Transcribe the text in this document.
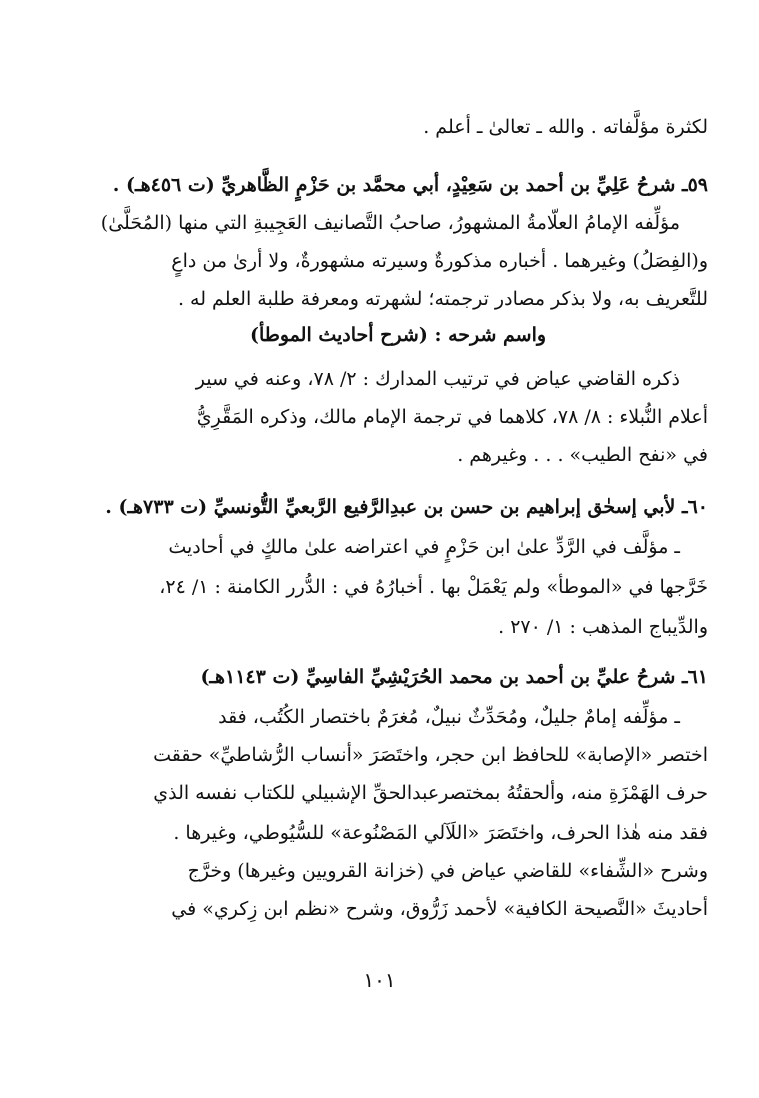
لكثرة مؤلَّفاته . والله ـ تعالىٰ ـ أعلم .
٥٩ـ شرحُ عَلِيِّ بن أحمد بن سَعِيْدٍ، أبي محمَّد بن حَزْمٍ الظَّاهريِّ (ت ٤٥٦هـ) .
مؤلِّفه الإمامُ العلّامةُ المشهورُ، صاحبُ التَّصانيف العَجِيبةِ التي منها (المُحَلَّىٰ)
و(الفِصَلُ) وغيرهما . أخباره مذكورةٌ وسيرته مشهورةٌ، ولا أرىٰ من داعٍ
للتَّعريف به، ولا بذكر مصادر ترجمته؛ لشهرته ومعرفة طلبة العلم له .
واسم شرحه : (شرح أحاديث الموطأ)
ذكره القاضي عياض في ترتيب المدارك : ٢/ ٧٨، وعنه في سير
أعلام النُّبلاء : ٨/ ٧٨، كلاهما في ترجمة الإمام مالك، وذكره المَقَّرِيُّ
في «نفح الطيب» . . . وغيرهم .
٦٠ـ لأبي إسحٰق إبراهيم بن حسن بن عبدِالرَّفيع الرَّبعيِّ التُّونسيِّ (ت ٧٣٣هـ) .
ـ مؤلَّف في الرَّدِّ علىٰ ابن حَزْمٍ في اعتراضه علىٰ مالكٍ في أحاديث
خَرَّجها في «الموطأ» ولم يَعْمَلْ بها . أخبارُهُ في : الدُّرر الكامنة : ١/ ٢٤،
والدِّيباج المذهب : ١/ ٢٧٠ .
٦١ـ شرحُ عليِّ بن أحمد بن محمد الحُرَيْشِيِّ الفاسِيِّ (ت ١١٤٣هـ)
ـ مؤلِّفه إمامٌ جليلٌ، ومُحَدِّثٌ نبيلٌ، مُغرَمٌ باختصار الكُتُب، فقد
اختصر «الإصابة» للحافظ ابن حجر، واختَصَرَ «أنساب الرُّشاطيِّ» حققت
حرف الهَمْزَةِ منه، وألحقتُهُ بمختصرعبدالحقِّ الإشبيلي للكتاب نفسه الذي
فقد منه هٰذا الحرف، واختَصَرَ «اللَآلي المَصْنُوعة» للسُّيُوطي، وغيرها .
وشرح «الشِّفاء» للقاضي عياض في (خزانة القرويين وغيرها) وخرَّج
أحاديثَ «النَّصيحة الكافية» لأحمد زَرُّوق، وشرح «نظم ابن زِكري» في
١٠١
